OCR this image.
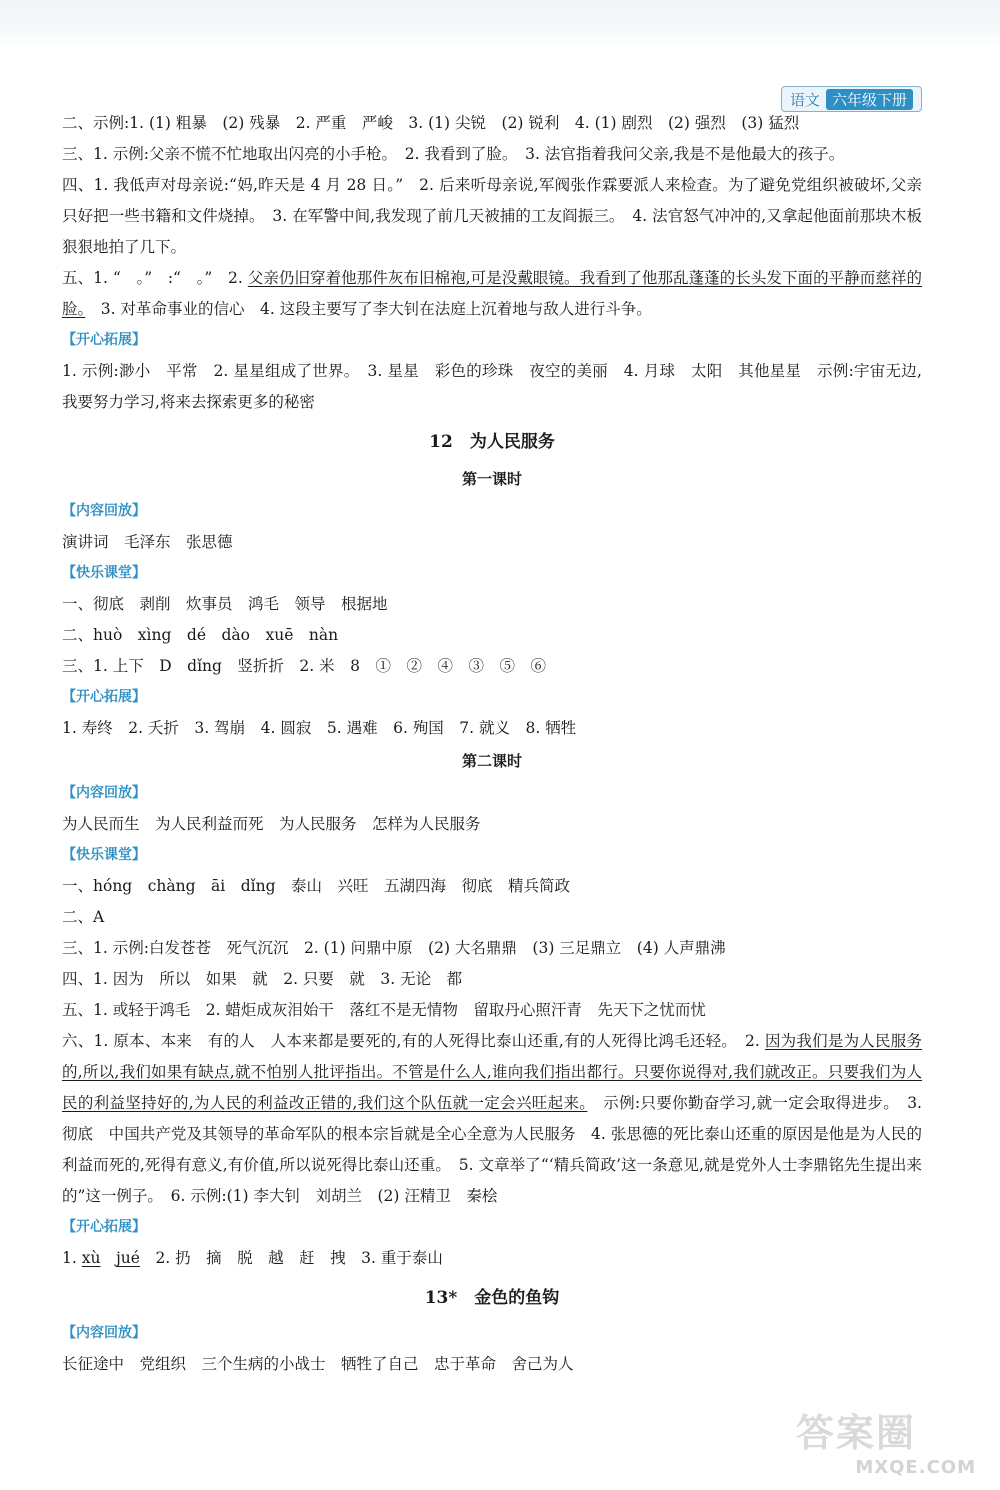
语文 六年级下册
二、示例:1. (1) 粗暴　(2) 残暴　2. 严重　严峻　3. (1) 尖锐　(2) 锐利　4. (1) 剧烈　(2) 强烈　(3) 猛烈
三、1. 示例:父亲不慌不忙地取出闪亮的小手枪。　2. 我看到了脸。　3. 法官指着我问父亲,我是不是他最大的孩子。
四、1. 我低声对母亲说:“妈,昨天是 4 月 28 日。”　2. 后来听母亲说,军阀张作霖要派人来检查。为了避免党组织被破坏,父亲只好把一些书籍和文件烧掉。　3. 在军警中间,我发现了前几天被捕的工友阎振三。　4. 法官怒气冲冲的,又拿起他面前那块木板狠狠地拍了几下。
五、1. “　。”　:“　。”　2. 父亲仍旧穿着他那件灰布旧棉袍,可是没戴眼镜。我看到了他那乱蓬蓬的长头发下面的平静而慈祥的脸。　3. 对革命事业的信心　4. 这段主要写了李大钊在法庭上沉着地与敌人进行斗争。
【开心拓展】
1. 示例:渺小　平常　2. 星星组成了世界。　3. 星星　彩色的珍珠　夜空的美丽　4. 月球　太阳　其他星星　示例:宇宙无边,我要努力学习,将来去探索更多的秘密
12　为人民服务
第一课时
【内容回放】
演讲词　毛泽东　张思德
【快乐课堂】
一、彻底　剥削　炊事员　鸿毛　领导　根据地
二、huò　xìng　dé　dào　xuē　nàn
三、1. 上下　D　dǐng　竖折折　2. 米　8　①　②　④　③　⑤　⑥
【开心拓展】
1. 寿终　2. 夭折　3. 驾崩　4. 圆寂　5. 遇难　6. 殉国　7. 就义　8. 牺牲
第二课时
【内容回放】
为人民而生　为人民利益而死　为人民服务　怎样为人民服务
【快乐课堂】
一、hóng　chàng　āi　dǐng　泰山　兴旺　五湖四海　彻底　精兵简政
二、A
三、1. 示例:白发苍苍　死气沉沉　2. (1) 问鼎中原　(2) 大名鼎鼎　(3) 三足鼎立　(4) 人声鼎沸
四、1. 因为　所以　如果　就　2. 只要　就　3. 无论　都
五、1. 或轻于鸿毛　2. 蜡炬成灰泪始干　落红不是无情物　留取丹心照汗青　先天下之忧而忧
六、1. 原本、本来　有的人　人本来都是要死的,有的人死得比泰山还重,有的人死得比鸿毛还轻。　2. 因为我们是为人民服务的,所以,我们如果有缺点,就不怕别人批评指出。不管是什么人,谁向我们指出都行。只要你说得对,我们就改正。只要我们为人民的利益坚持好的,为人民的利益改正错的,我们这个队伍就一定会兴旺起来。　示例:只要你勤奋学习,就一定会取得进步。　3. 彻底　中国共产党及其领导的革命军队的根本宗旨就是全心全意为人民服务　4. 张思德的死比泰山还重的原因是他是为人民的利益而死的,死得有意义,有价值,所以说死得比泰山还重。　5. 文章举了“‘精兵简政’这一条意见,就是党外人士李鼎铭先生提出来的”这一例子。　6. 示例:(1) 李大钊　刘胡兰　(2) 汪精卫　秦桧
【开心拓展】
1. xù　 jué　2. 扔　摘　脱　越　赶　拽　3. 重于泰山
13*　金色的鱼钩
【内容回放】
长征途中　党组织　三个生病的小战士　牺牲了自己　忠于革命　舍己为人
答案圈
MXQE.COM
